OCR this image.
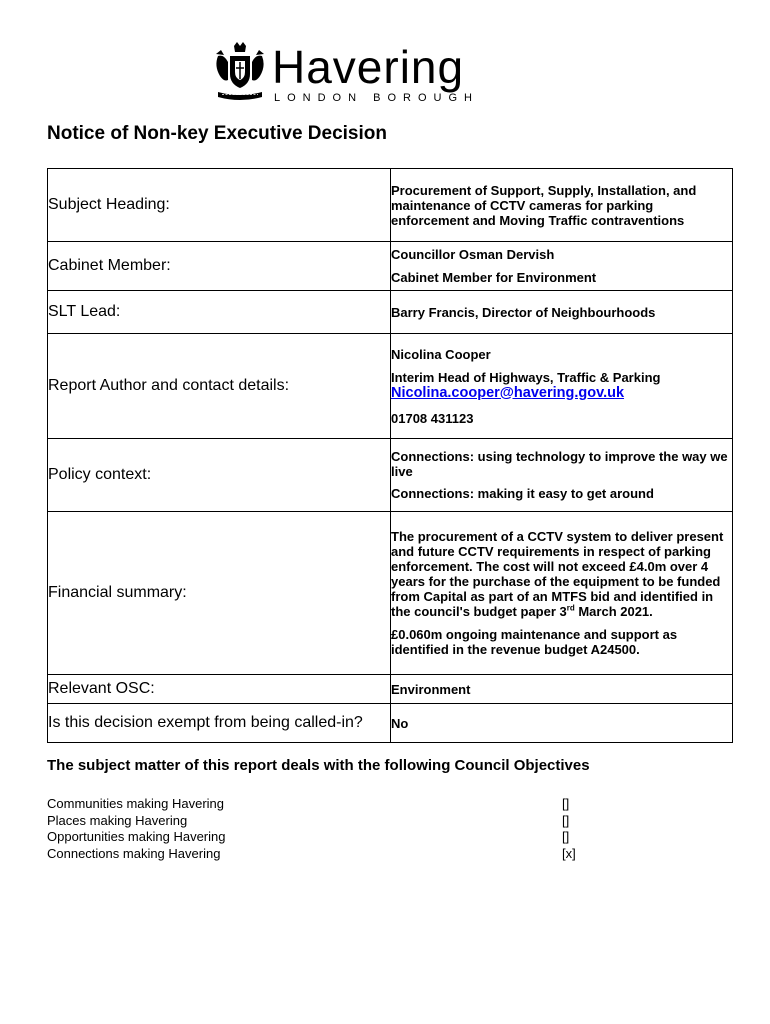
Havering
LONDON BOROUGH
Notice of Non-key Executive Decision
Subject Heading:	Procurement of Support, Supply, Installation, and maintenance of CCTV cameras for parking enforcement and Moving Traffic contraventions
Cabinet Member:	Councillor Osman Dervish

Cabinet Member for Environment

SLT Lead:	Barry Francis, Director of Neighbourhoods
Report Author and contact details:	Nicolina Cooper

Interim Head of Highways, Traffic & Parking

Nicolina.cooper@havering.gov.uk

01708 431123

Policy context:	Connections: using technology to improve the way we live

Connections: making it easy to get around

Financial summary:	The procurement of a CCTV system to deliver present and future CCTV requirements in respect of parking enforcement. The cost will not exceed £4.0m over 4 years for the purchase of the equipment to be funded from Capital as part of an MTFS bid and identified in the council's budget paper 3rd March 2021.

£0.060m ongoing maintenance and support as identified in the revenue budget A24500.

Relevant OSC:	Environment
Is this decision exempt from being called-in?	No
The subject matter of this report deals with the following Council Objectives
Communities making Havering	[]
Places making Havering	[]
Opportunities making Havering	[]
Connections making Havering	[x]
